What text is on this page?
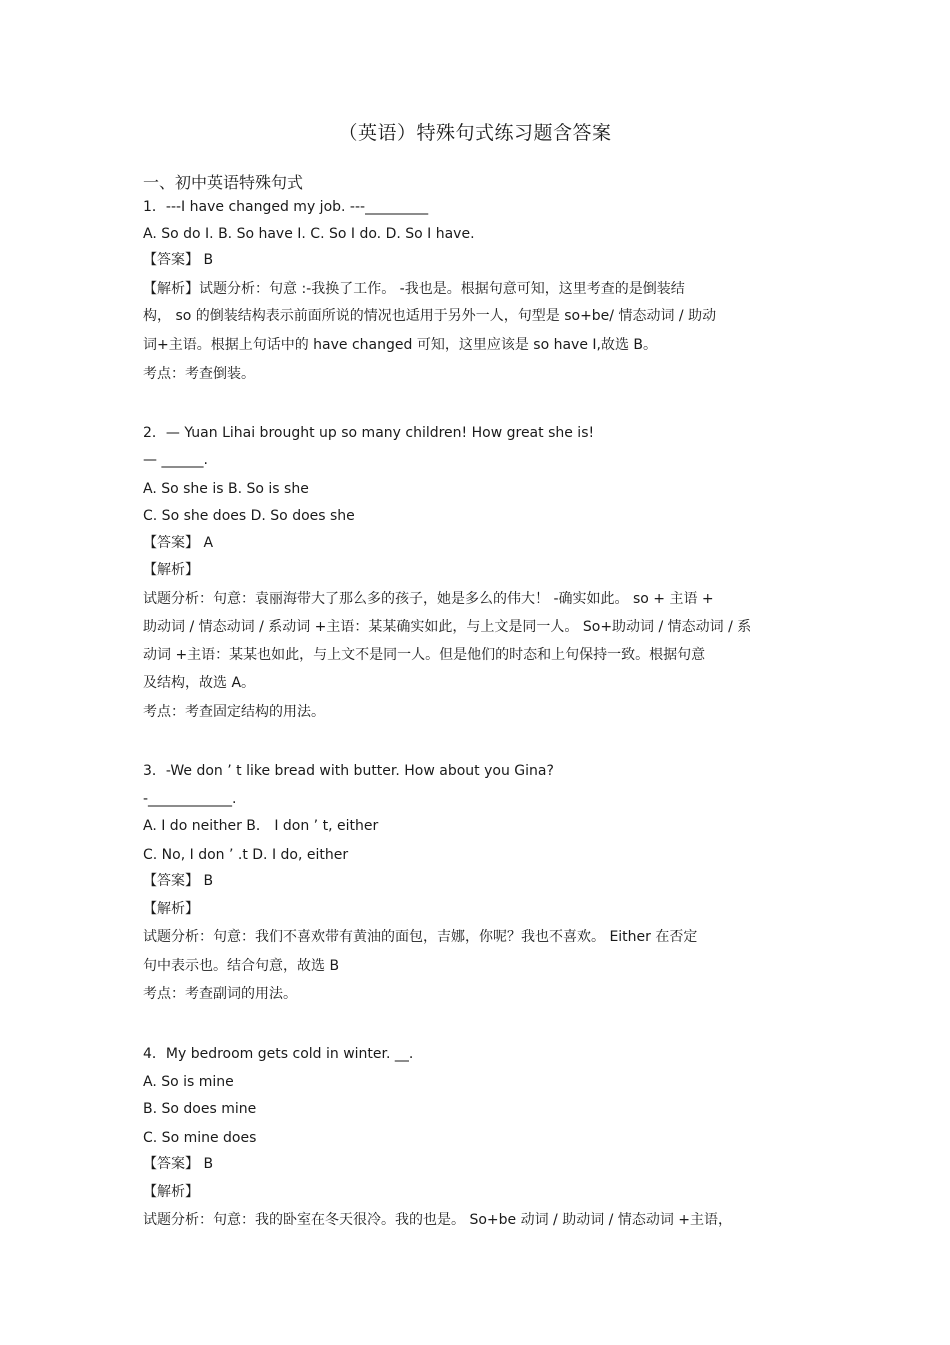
（英语）特殊句式练习题含答案
一、初中英语特殊句式
1．---I have changed my job. ---_________
A. So do I. B. So have I. C. So I do. D. So I have.
【答案】 B
【解析】试题分析：句意 :-我换了工作。 -我也是。根据句意可知，这里考查的是倒装结
构， so 的倒装结构表示前面所说的情况也适用于另外一人，句型是 so+be/ 情态动词 / 助动
词+主语。根据上句话中的 have changed 可知，这里应该是 so have I,故选 B。
考点：考查倒装。
2．— Yuan Lihai brought up so many children! How great she is!
— ______.
A. So she is B. So is she
C. So she does D. So does she
【答案】 A
【解析】
试题分析：句意：袁丽海带大了那么多的孩子，她是多么的伟大！ -确实如此。 so + 主语 +
助动词 / 情态动词 / 系动词 +主语：某某确实如此，与上文是同一人。 So+助动词 / 情态动词 / 系
动词 +主语：某某也如此，与上文不是同一人。但是他们的时态和上句保持一致。根据句意
及结构，故选 A。
考点：考查固定结构的用法。
3．-We don ’ t like bread with butter. How about you Gina?
-____________.
A. I do neither B． I don ’ t, either
C. No, I don ’ .t D. I do, either
【答案】 B
【解析】
试题分析：句意：我们不喜欢带有黄油的面包，吉娜，你呢？我也不喜欢。 Either 在否定
句中表示也。结合句意，故选 B
考点：考查副词的用法。
4．My bedroom gets cold in winter. __.
A. So is mine
B. So does mine
C. So mine does
【答案】 B
【解析】
试题分析：句意：我的卧室在冬天很冷。我的也是。 So+be 动词 / 助动词 / 情态动词 +主语，
